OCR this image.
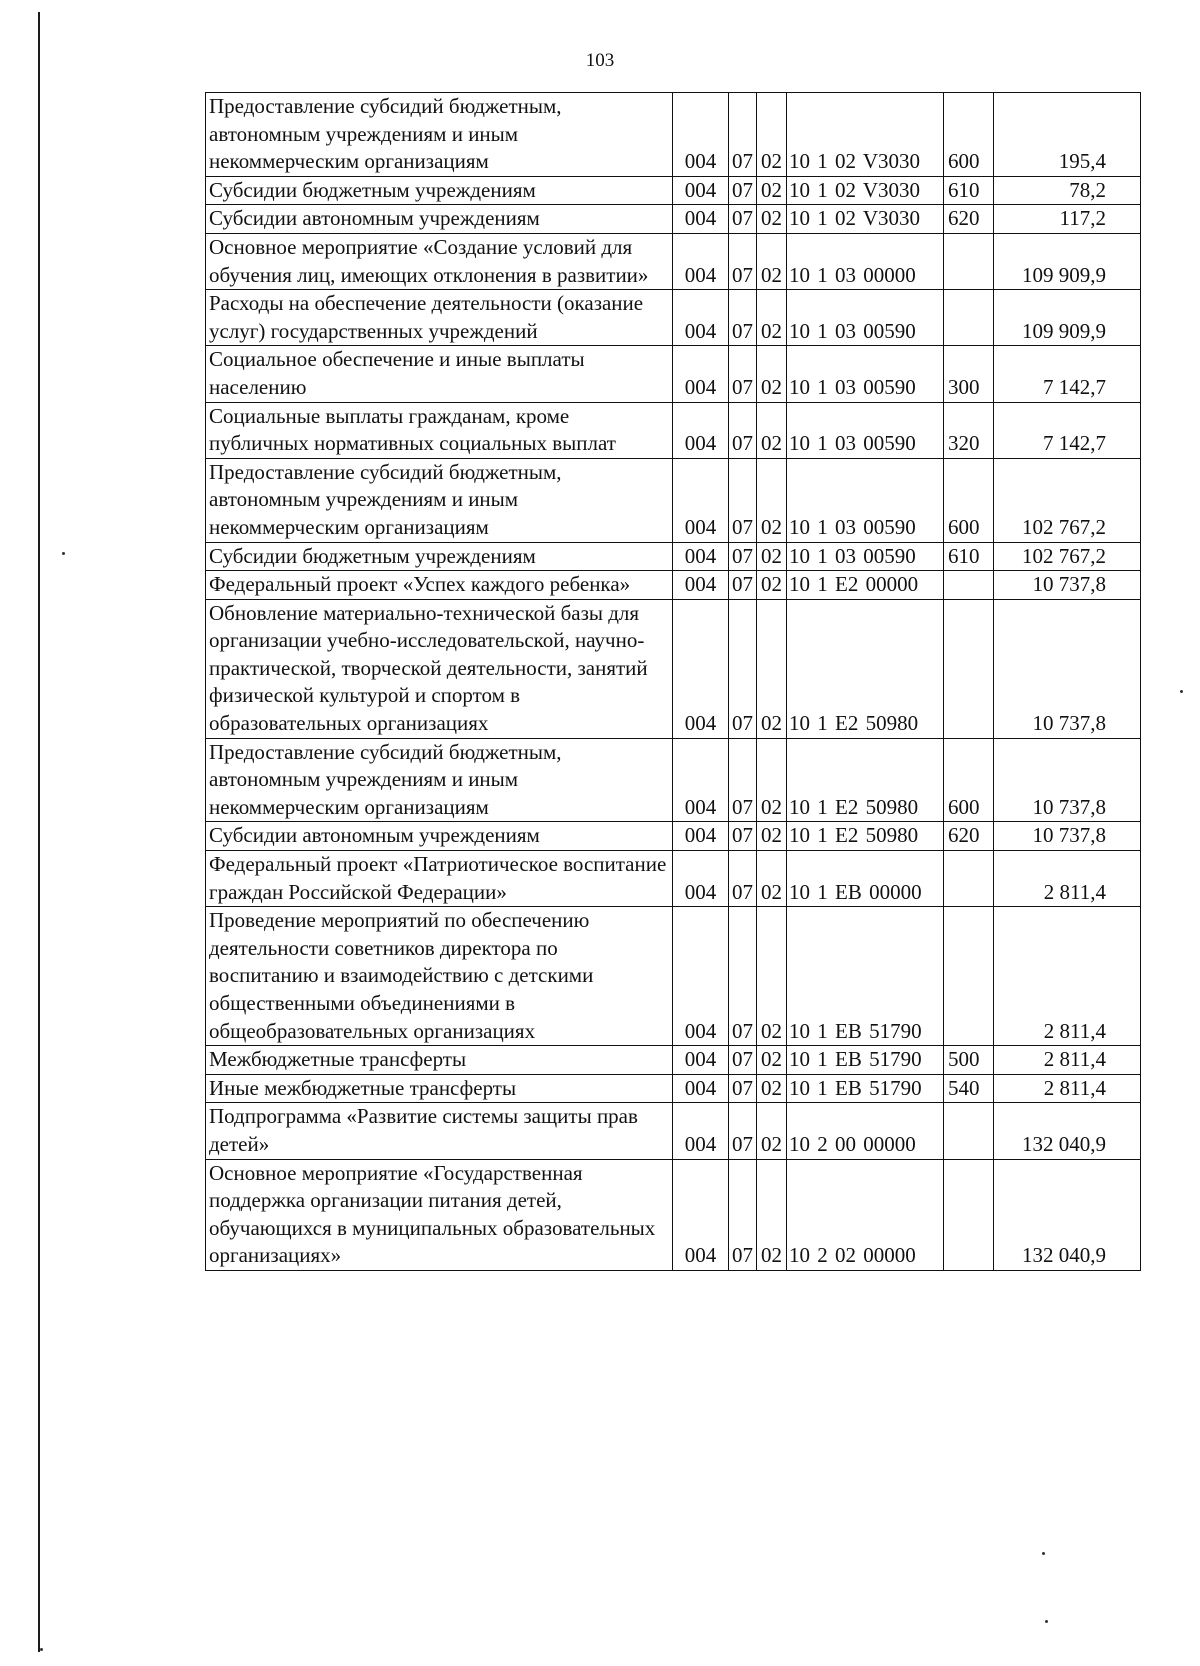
103
Предоставление субсидий бюджетным, автономным учреждениям и иным некоммерческим организациям	004	07	02	10 1 02 V3030	600	195,4
Субсидии бюджетным учреждениям	004	07	02	10 1 02 V3030	610	78,2
Субсидии автономным учреждениям	004	07	02	10 1 02 V3030	620	117,2
Основное мероприятие «Создание условий для обучения лиц, имеющих отклонения в развитии»	004	07	02	10 1 03 00000		109 909,9
Расходы на обеспечение деятельности (оказание услуг) государственных учреждений	004	07	02	10 1 03 00590		109 909,9
Социальное обеспечение и иные выплаты населению	004	07	02	10 1 03 00590	300	7 142,7
Социальные выплаты гражданам, кроме публичных нормативных социальных выплат	004	07	02	10 1 03 00590	320	7 142,7
Предоставление субсидий бюджетным, автономным учреждениям и иным некоммерческим организациям	004	07	02	10 1 03 00590	600	102 767,2
Субсидии бюджетным учреждениям	004	07	02	10 1 03 00590	610	102 767,2
Федеральный проект «Успех каждого ребенка»	004	07	02	10 1 E2 00000		10 737,8
Обновление материально-технической базы для организации учебно-исследовательской, научно-практической, творческой деятельности, занятий физической культурой и спортом в образовательных организациях	004	07	02	10 1 E2 50980		10 737,8
Предоставление субсидий бюджетным, автономным учреждениям и иным некоммерческим организациям	004	07	02	10 1 E2 50980	600	10 737,8
Субсидии автономным учреждениям	004	07	02	10 1 E2 50980	620	10 737,8
Федеральный проект «Патриотическое воспитание граждан Российской Федерации»	004	07	02	10 1 EB 00000		2 811,4
Проведение мероприятий по обеспечению деятельности советников директора по воспитанию и взаимодействию с детскими общественными объединениями в общеобразовательных организациях	004	07	02	10 1 EB 51790		2 811,4
Межбюджетные трансферты	004	07	02	10 1 EB 51790	500	2 811,4
Иные межбюджетные трансферты	004	07	02	10 1 EB 51790	540	2 811,4
Подпрограмма «Развитие системы защиты прав детей»	004	07	02	10 2 00 00000		132 040,9
Основное мероприятие «Государственная поддержка организации питания детей, обучающихся в муниципальных образовательных организациях»	004	07	02	10 2 02 00000		132 040,9
